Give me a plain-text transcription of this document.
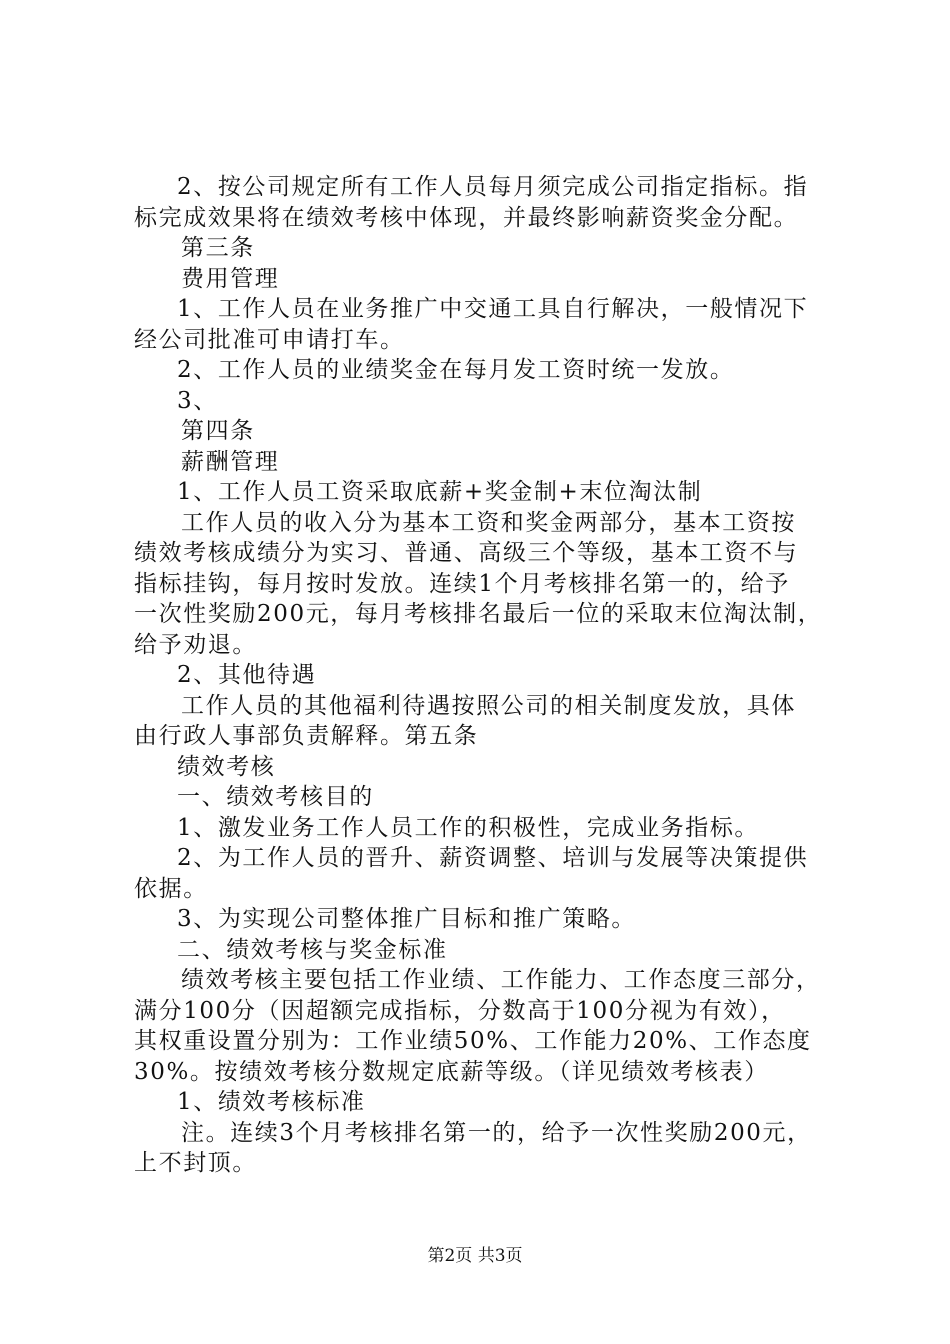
2、按公司规定所有工作人员每月须完成公司指定指标。指
标完成效果将在绩效考核中体现，并最终影响薪资奖金分配。
第三条
费用管理
1、工作人员在业务推广中交通工具自行解决，一般情况下
经公司批准可申请打车。
2、工作人员的业绩奖金在每月发工资时统一发放。
3、
第四条
薪酬管理
1、工作人员工资采取底薪+奖金制+末位淘汰制
工作人员的收入分为基本工资和奖金两部分，基本工资按
绩效考核成绩分为实习、普通、高级三个等级，基本工资不与
指标挂钩，每月按时发放。连续1个月考核排名第一的，给予
一次性奖励200元，每月考核排名最后一位的采取末位淘汰制，
给予劝退。
2、其他待遇
工作人员的其他福利待遇按照公司的相关制度发放，具体
由行政人事部负责解释。第五条
绩效考核
一、绩效考核目的
1、激发业务工作人员工作的积极性，完成业务指标。
2、为工作人员的晋升、薪资调整、培训与发展等决策提供
依据。
3、为实现公司整体推广目标和推广策略。
二、绩效考核与奖金标准
绩效考核主要包括工作业绩、工作能力、工作态度三部分，
满分100分（因超额完成指标，分数高于100分视为有效），
其权重设置分别为：工作业绩50%、工作能力20%、工作态度
30%。按绩效考核分数规定底薪等级。（详见绩效考核表）
1、绩效考核标准
注。连续3个月考核排名第一的，给予一次性奖励200元，
上不封顶。
第2页 共3页
